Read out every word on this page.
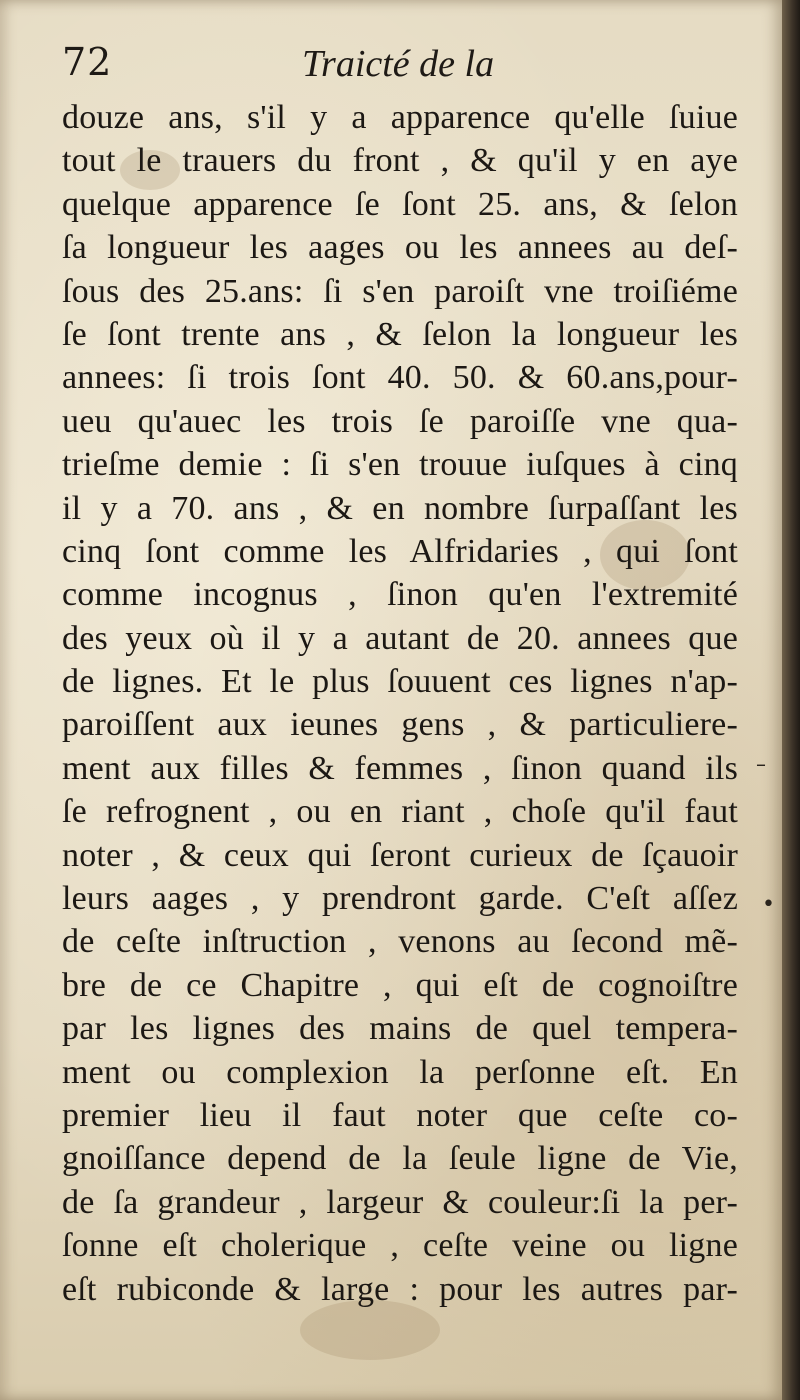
72	Traicté de la
douze ans, s'il y a apparence qu'elle ſuiue
tout le trauers du front , & qu'il y en aye
quelque apparence ſe ſont 25. ans, & ſelon
ſa longueur les aages ou les annees au deſ-
ſous des 25.ans: ſi s'en paroiſt vne troiſiéme
ſe ſont trente ans , & ſelon la longueur les
annees: ſi trois ſont 40. 50. & 60.ans,pour-
ueu qu'auec les trois ſe paroiſſe vne qua-
trieſme demie : ſi s'en trouue iuſques à cinq
il y a 70. ans , & en nombre ſurpaſſant les
cinq ſont comme les Alfridaries , qui ſont
comme incognus , ſinon qu'en l'extremité
des yeux où il y a autant de 20. annees que
de lignes. Et le plus ſouuent ces lignes n'ap-
paroiſſent aux ieunes gens , & particuliere-
ment aux filles & femmes , ſinon quand ils
ſe refrognent , ou en riant , choſe qu'il faut
noter , & ceux qui ſeront curieux de ſçauoir
leurs aages , y prendront garde. C'eſt aſſez
de ceſte inſtruction , venons au ſecond mẽ-
bre de ce Chapitre , qui eſt de cognoiſtre
par les lignes des mains de quel tempera-
ment ou complexion la perſonne eſt. En
premier lieu il faut noter que ceſte co-
gnoiſſance depend de la ſeule ligne de Vie,
de ſa grandeur , largeur & couleur:ſi la per-
ſonne eſt cholerique , ceſte veine ou ligne
eſt rubiconde & large : pour les autres par-
•
–
